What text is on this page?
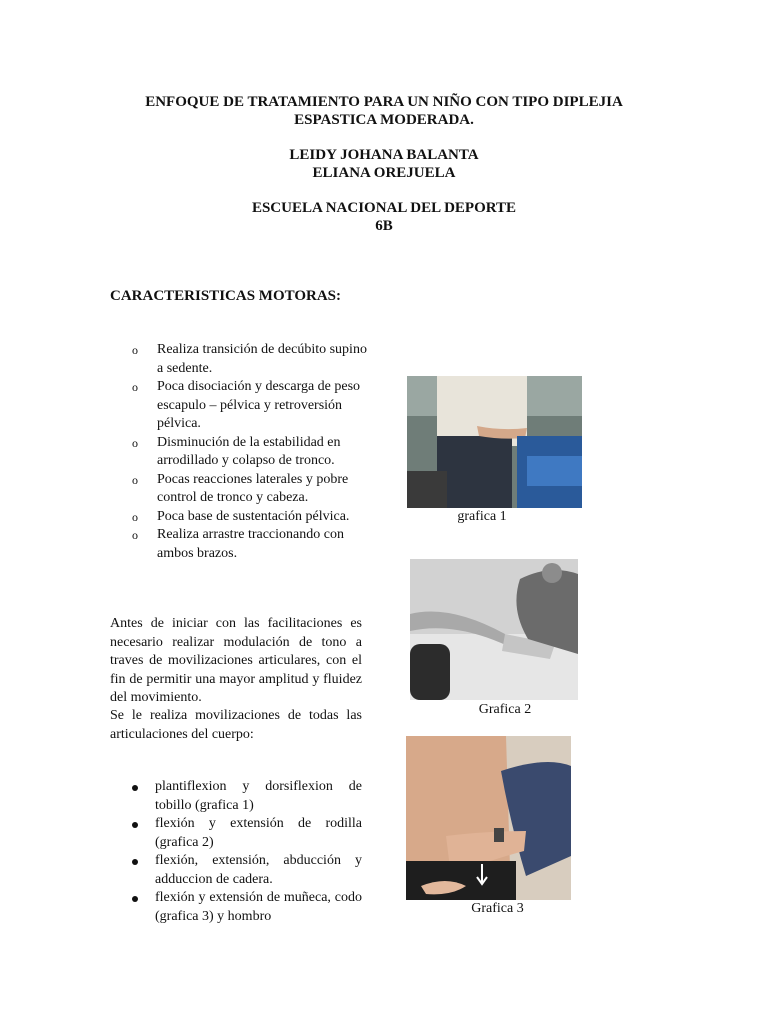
ENFOQUE DE TRATAMIENTO PARA UN NIÑO CON TIPO DIPLEJIA
ESPASTICA MODERADA.
LEIDY JOHANA BALANTA
ELIANA OREJUELA
ESCUELA NACIONAL DEL DEPORTE
6B
CARACTERISTICAS MOTORAS:
o Realiza transición de decúbito supino a sedente.
o Poca disociación y descarga de peso escapulo – pélvica y retroversión pélvica.
o Disminución de la estabilidad en arrodillado y colapso de tronco.
o Pocas reacciones laterales y pobre control de tronco y cabeza.
o Poca base de sustentación pélvica.
o Realiza arrastre traccionando con ambos brazos.
Antes de iniciar con las facilitaciones es necesario realizar modulación de tono a traves de movilizaciones articulares, con el fin de permitir una mayor amplitud y fluidez del movimiento.
Se le realiza movilizaciones de todas las articulaciones del cuerpo:
plantiflexion y dorsiflexion de tobillo (grafica 1)
flexión y extensión de rodilla (grafica 2)
flexión, extensión, abducción y adduccion de cadera.
flexión y extensión de muñeca, codo (grafica 3) y hombro
grafica 1
Grafica 2
Grafica 3
